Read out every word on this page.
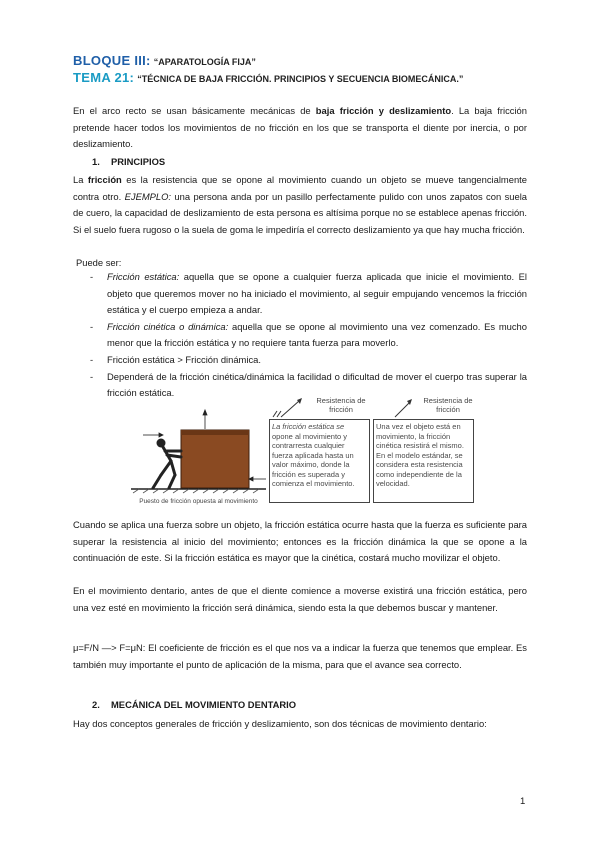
BLOQUE III: “APARATOLOGÍA FIJA”
TEMA 21: “TÉCNICA DE BAJA FRICCIÓN. PRINCIPIOS Y SECUENCIA BIOMECÁNICA.”

En el arco recto se usan básicamente mecánicas de baja fricción y deslizamiento. La baja fricción pretende hacer todos los movimientos de no fricción en los que se transporta el diente por inercia, o por deslizamiento.

1. PRINCIPIOS

La fricción es la resistencia que se opone al movimiento cuando un objeto se mueve tangencialmente contra otro. EJEMPLO: una persona anda por un pasillo perfectamente pulido con unos zapatos con suela de cuero, la capacidad de deslizamiento de esta persona es altísima porque no se establece apenas fricción. Si el suelo fuera rugoso o la suela de goma le impediría el correcto deslizamiento ya que hay mucha fricción.

Puede ser:
- Fricción estática: aquella que se opone a cualquier fuerza aplicada que inicie el movimiento. El objeto que queremos mover no ha iniciado el movimiento, al seguir empujando vencemos la fricción estática y el cuerpo empieza a andar.
- Fricción cinética o dinámica: aquella que se opone al movimiento una vez comenzado. Es mucho menor que la fricción estática y no requiere tanta fuerza para moverlo.
- Fricción estática > Fricción dinámica.
- Dependerá de la fricción cinética/dinámica la facilidad o dificultad de mover el cuerpo tras superar la fricción estática.
Puesto de fricción opuesta al movimiento
Resistencia de fricción
Resistencia de fricción
La fricción estática se opone al movimiento y contrarresta cualquier fuerza aplicada hasta un valor máximo, donde la fricción es superada y comienza el movimiento.
Una vez el objeto está en movimiento, la fricción cinética resistirá el mismo. En el modelo estándar, se considera esta resistencia como independiente de la velocidad.

Cuando se aplica una fuerza sobre un objeto, la fricción estática ocurre hasta que la fuerza es suficiente para superar la resistencia al inicio del movimiento; entonces es la fricción dinámica la que se opone a la continuación de este. Si la fricción estática es mayor que la cinética, costará mucho movilizar el objeto.

En el movimiento dentario, antes de que el diente comience a moverse existirá una fricción estática, pero una vez esté en movimiento la fricción será dinámica, siendo esta la que debemos buscar y mantener.

μ=F/N —> F=μN: El coeficiente de fricción es el que nos va a indicar la fuerza que tenemos que emplear. Es también muy importante el punto de aplicación de la misma, para que el avance sea correcto.

2. MECÁNICA DEL MOVIMIENTO DENTARIO

Hay dos conceptos generales de fricción y deslizamiento, son dos técnicas de movimiento dentario:

1
